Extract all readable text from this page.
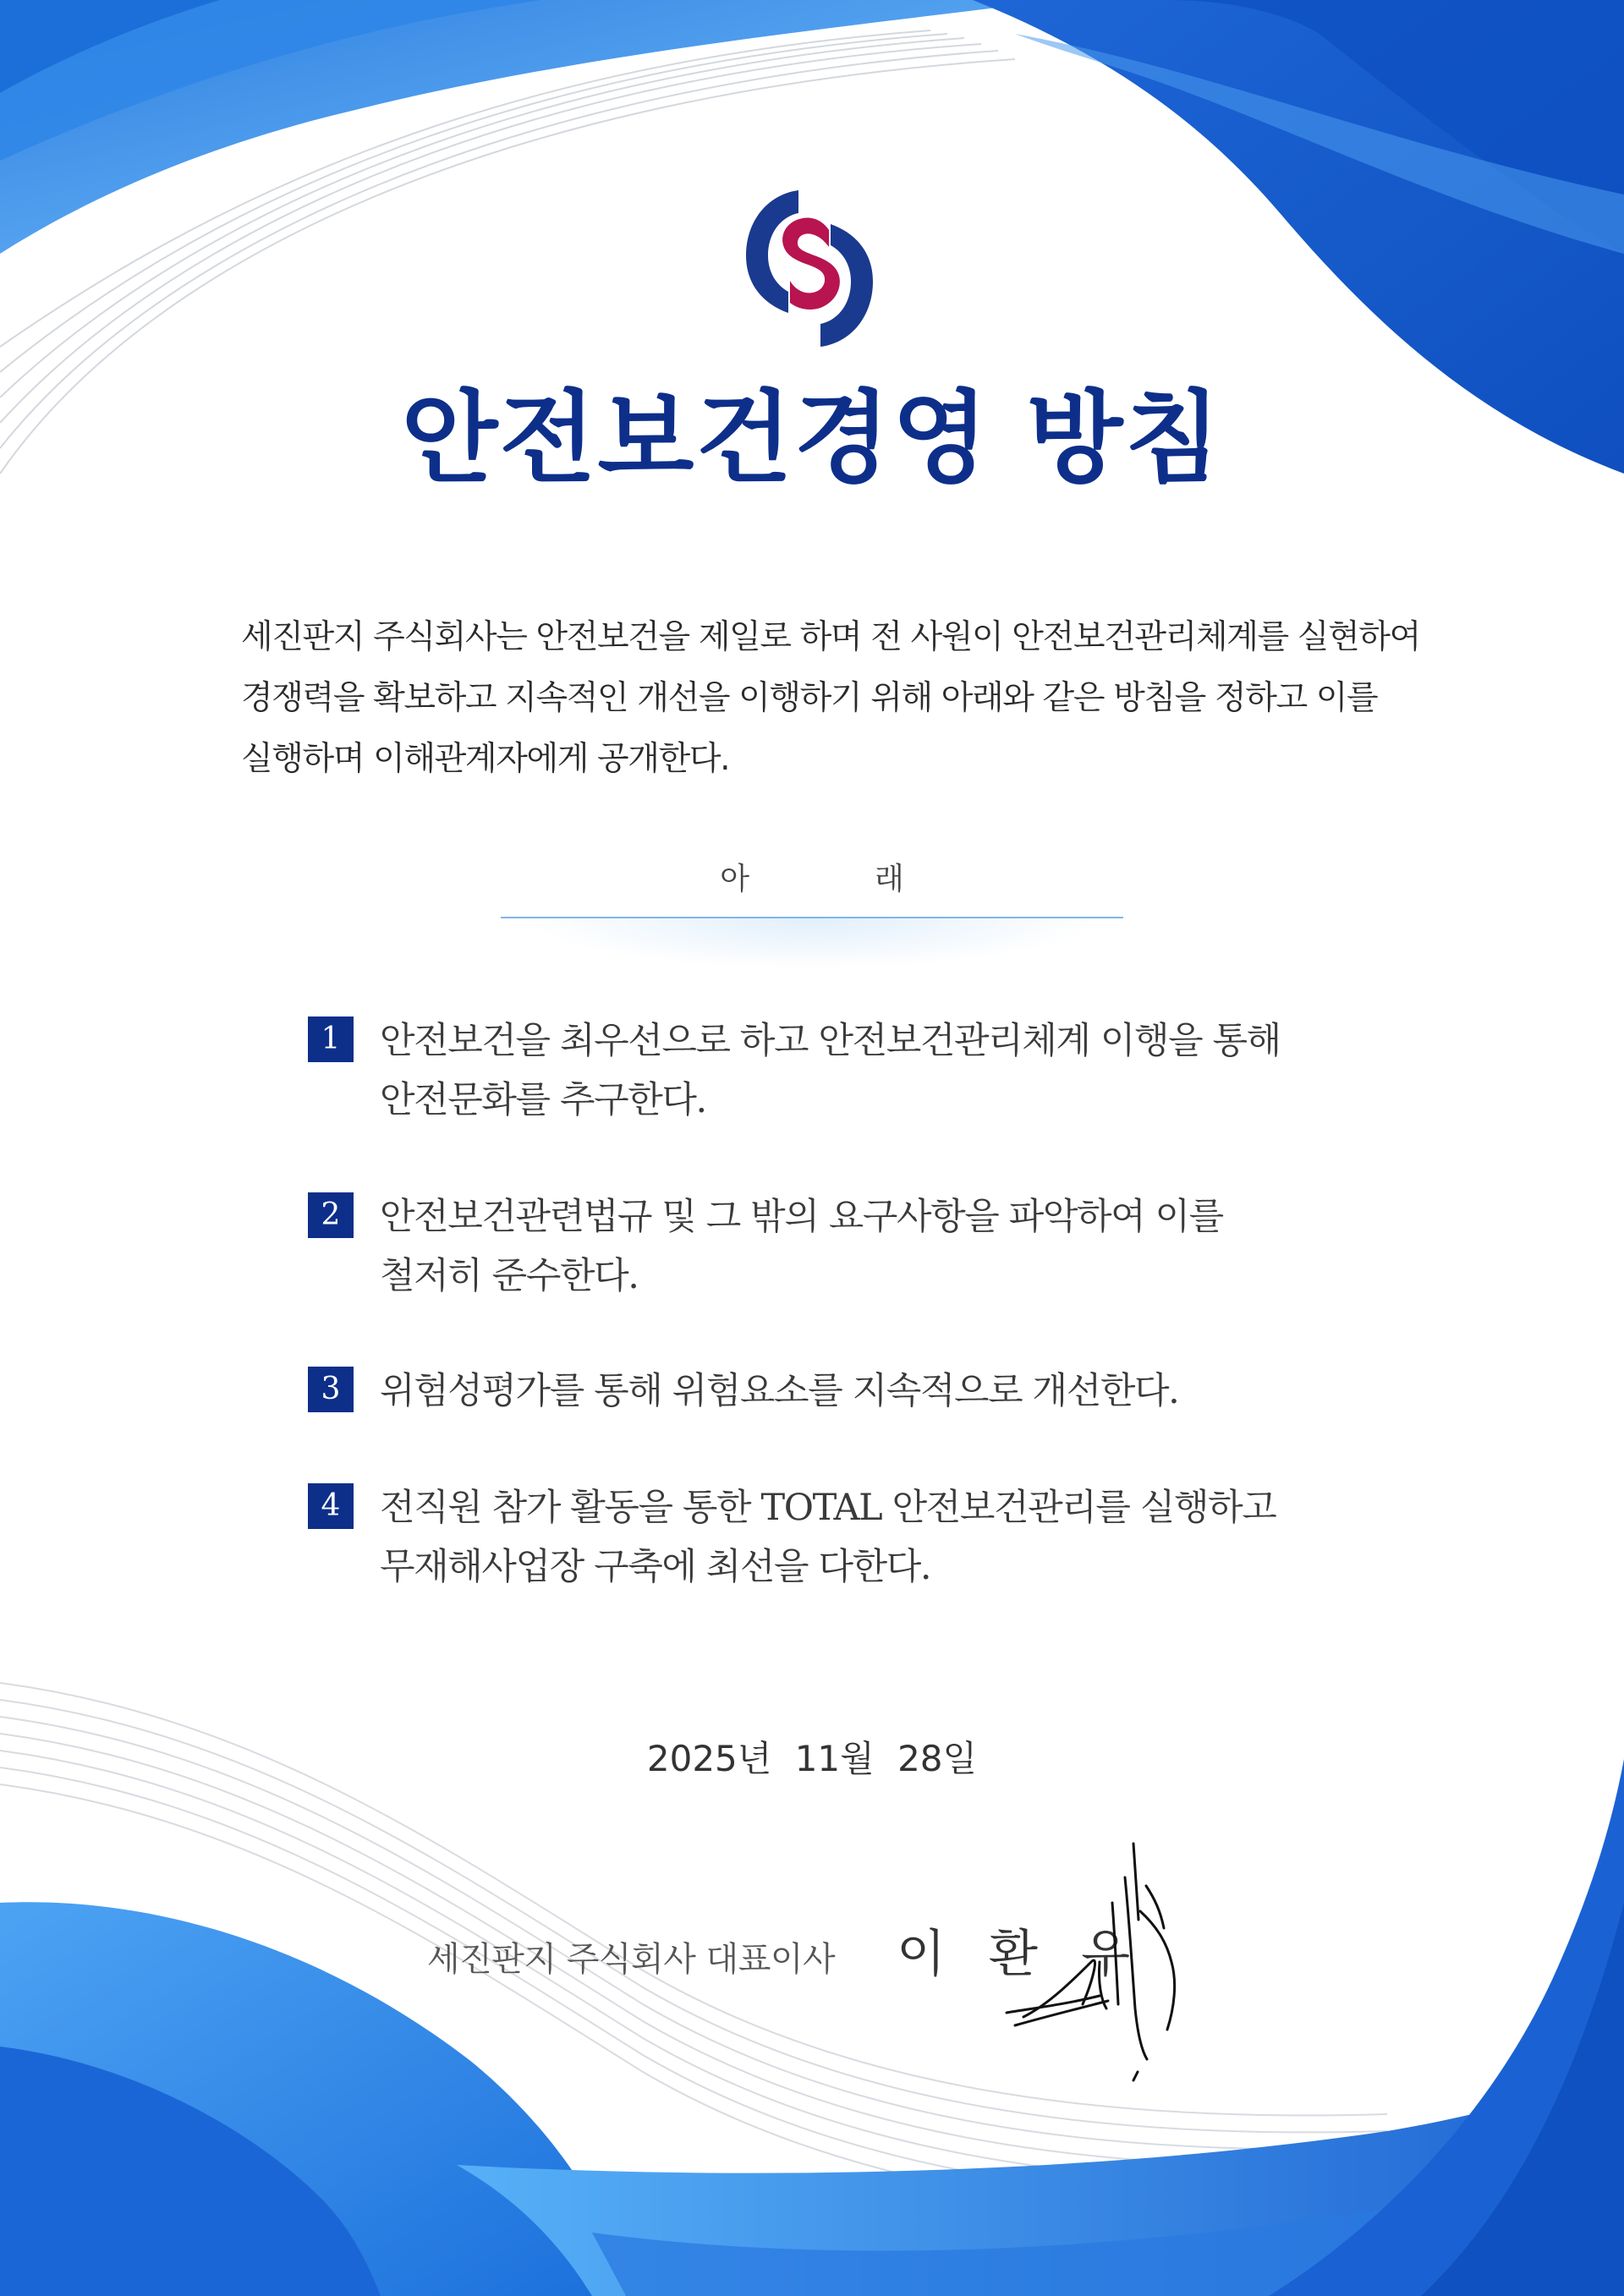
안전보건경영 방침
세진판지 주식회사는 안전보건을 제일로 하며 전 사원이 안전보건관리체계를 실현하여
경쟁력을 확보하고 지속적인 개선을 이행하기 위해 아래와 같은 방침을 정하고 이를
실행하며 이해관계자에게 공개한다.
아	래
1	안전보건을 최우선으로 하고 안전보건관리체계 이행을 통해
안전문화를 추구한다.
2	안전보건관련법규 및 그 밖의 요구사항을 파악하여 이를
철저히 준수한다.
3	위험성평가를 통해 위험요소를 지속적으로 개선한다.
4	전직원 참가 활동을 통한 TOTAL 안전보건관리를 실행하고
무재해사업장 구축에 최선을 다한다.
2025년 11월 28일
세진판지 주식회사 대표이사	이 환 우
